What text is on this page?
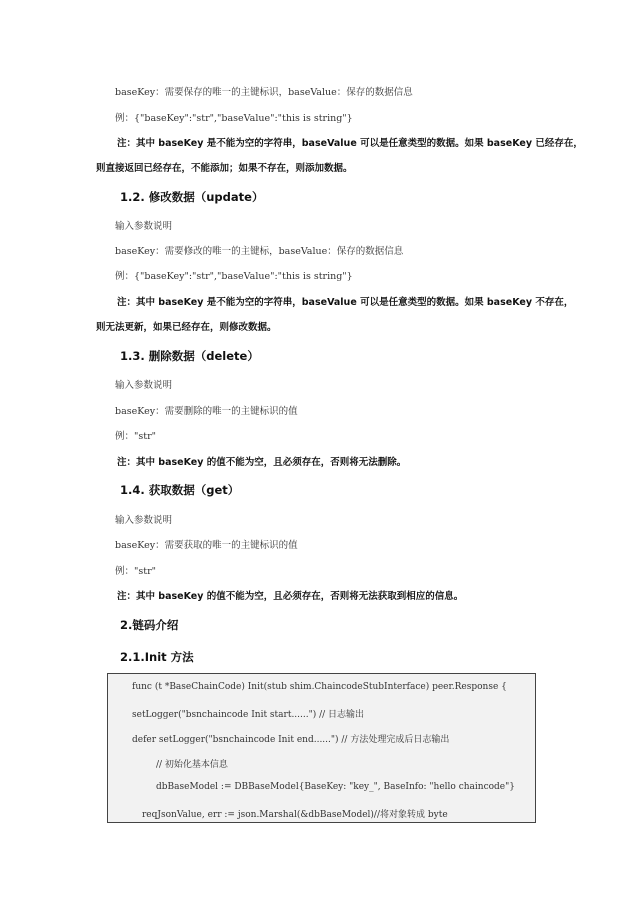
baseKey：需要保存的唯一的主键标识，baseValue：保存的数据信息
例：{"baseKey":"str","baseValue":"this is string"}
注：其中 baseKey 是不能为空的字符串，baseValue 可以是任意类型的数据。如果 baseKey 已经存在，
则直接返回已经存在，不能添加；如果不存在，则添加数据。
1.2. 修改数据（update）
输入参数说明
baseKey：需要修改的唯一的主键标，baseValue：保存的数据信息
例：{"baseKey":"str","baseValue":"this is string"}
注：其中 baseKey 是不能为空的字符串，baseValue 可以是任意类型的数据。如果 baseKey 不存在，
则无法更新，如果已经存在，则修改数据。
1.3. 删除数据（delete）
输入参数说明
baseKey：需要删除的唯一的主键标识的值
例："str"
注：其中 baseKey 的值不能为空，且必须存在，否则将无法删除。
1.4. 获取数据（get）
输入参数说明
baseKey：需要获取的唯一的主键标识的值
例："str"
注：其中 baseKey 的值不能为空，且必须存在，否则将无法获取到相应的信息。
2.链码介绍
2.1.Init 方法
func (t *BaseChainCode) Init(stub shim.ChaincodeStubInterface) peer.Response {
setLogger("bsnchaincode Init start......") // 日志输出
defer setLogger("bsnchaincode Init end......") // 方法处理完成后日志输出
// 初始化基本信息
dbBaseModel := DBBaseModel{BaseKey: "key_", BaseInfo: "hello chaincode"}
reqJsonValue, err := json.Marshal(&dbBaseModel)//将对象转成 byte
